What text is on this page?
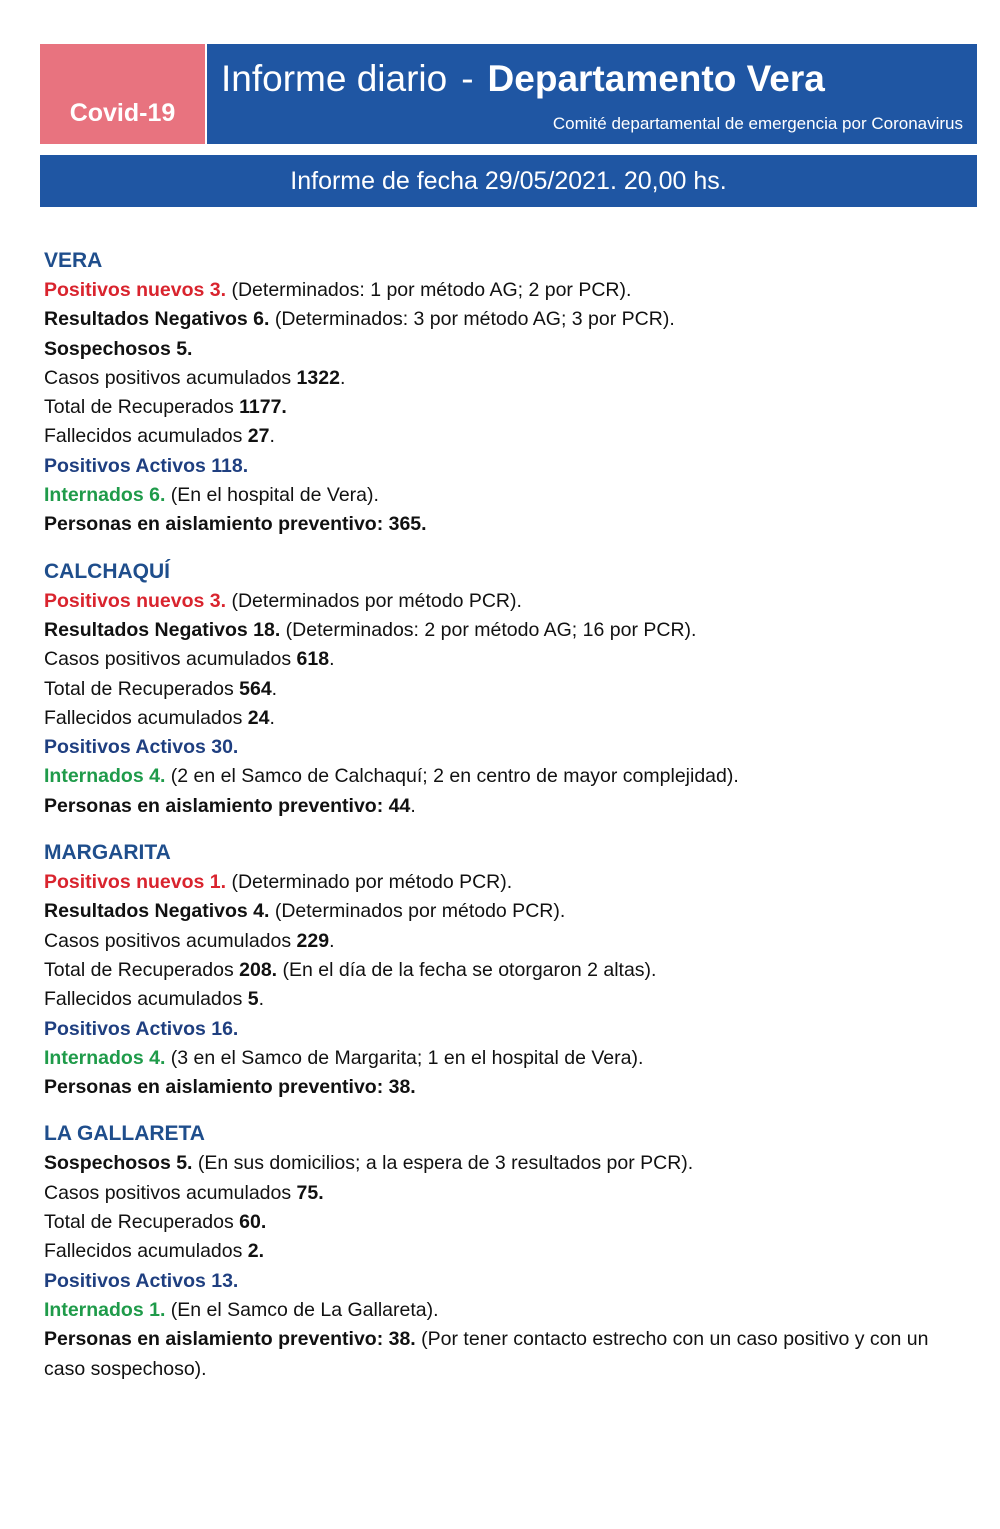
Covid-19
Informe diario - Departamento Vera
Comité departamental de emergencia por Coronavirus
Informe de fecha 29/05/2021. 20,00 hs.
VERA
Positivos nuevos 3. (Determinados: 1 por método AG; 2 por PCR).
Resultados Negativos 6. (Determinados: 3 por método AG; 3 por PCR).
Sospechosos 5.
Casos positivos acumulados 1322.
Total de Recuperados 1177.
Fallecidos acumulados 27.
Positivos Activos 118.
Internados 6. (En el hospital de Vera).
Personas en aislamiento preventivo: 365.
CALCHAQUÍ
Positivos nuevos 3. (Determinados por método PCR).
Resultados Negativos 18. (Determinados: 2 por método AG; 16 por PCR).
Casos positivos acumulados 618.
Total de Recuperados 564.
Fallecidos acumulados 24.
Positivos Activos 30.
Internados 4. (2 en el Samco de Calchaquí; 2 en centro de mayor complejidad).
Personas en aislamiento preventivo: 44.
MARGARITA
Positivos nuevos 1. (Determinado por método PCR).
Resultados Negativos 4. (Determinados por método PCR).
Casos positivos acumulados 229.
Total de Recuperados 208. (En el día de la fecha se otorgaron 2 altas).
Fallecidos acumulados 5.
Positivos Activos 16.
Internados 4. (3 en el Samco de Margarita; 1 en el hospital de Vera).
Personas en aislamiento preventivo: 38.
LA GALLARETA
Sospechosos 5. (En sus domicilios; a la espera de 3 resultados por PCR).
Casos positivos acumulados 75.
Total de Recuperados 60.
Fallecidos acumulados 2.
Positivos Activos 13.
Internados 1. (En el Samco de La Gallareta).
Personas en aislamiento preventivo: 38. (Por tener contacto estrecho con un caso positivo y con un caso sospechoso).
